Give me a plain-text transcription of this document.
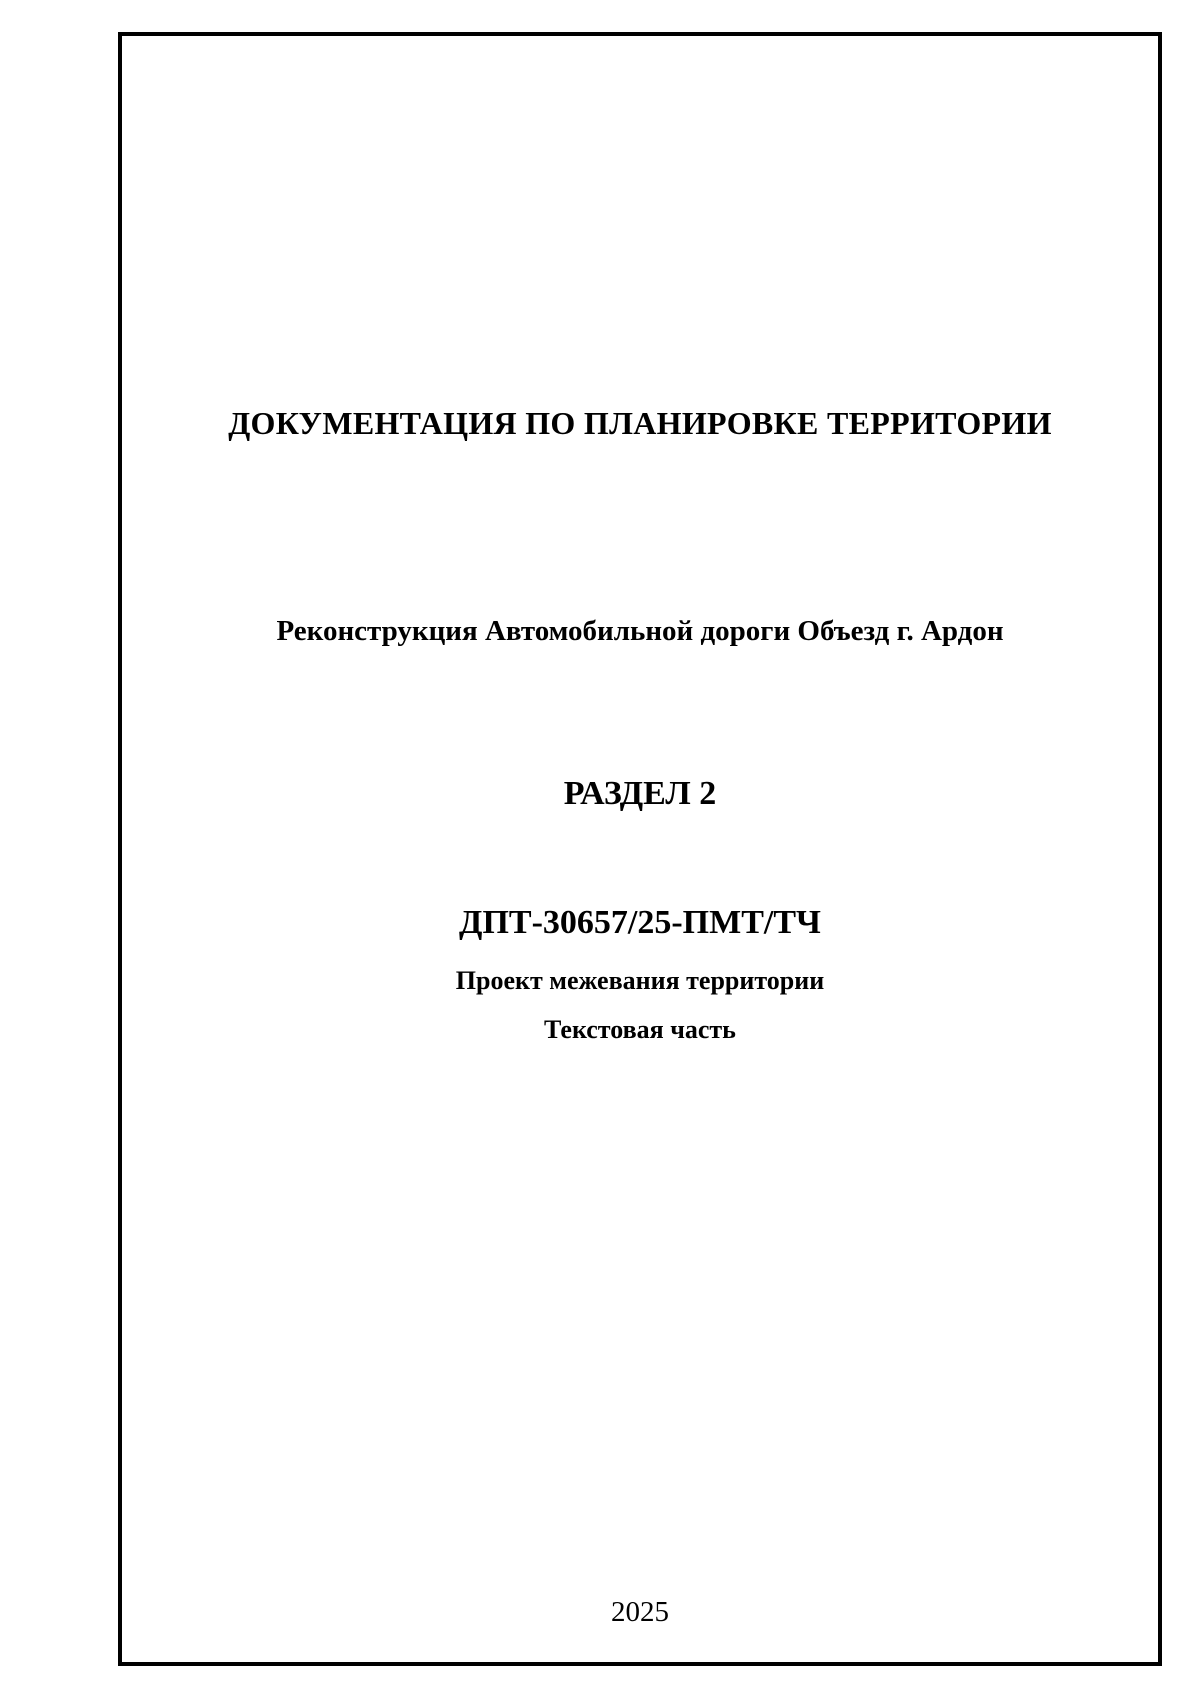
ДОКУМЕНТАЦИЯ ПО ПЛАНИРОВКЕ ТЕРРИТОРИИ
Реконструкция Автомобильной дороги Объезд г. Ардон
РАЗДЕЛ 2
ДПТ-30657/25-ПМТ/ТЧ
Проект межевания территории
Текстовая часть
2025
